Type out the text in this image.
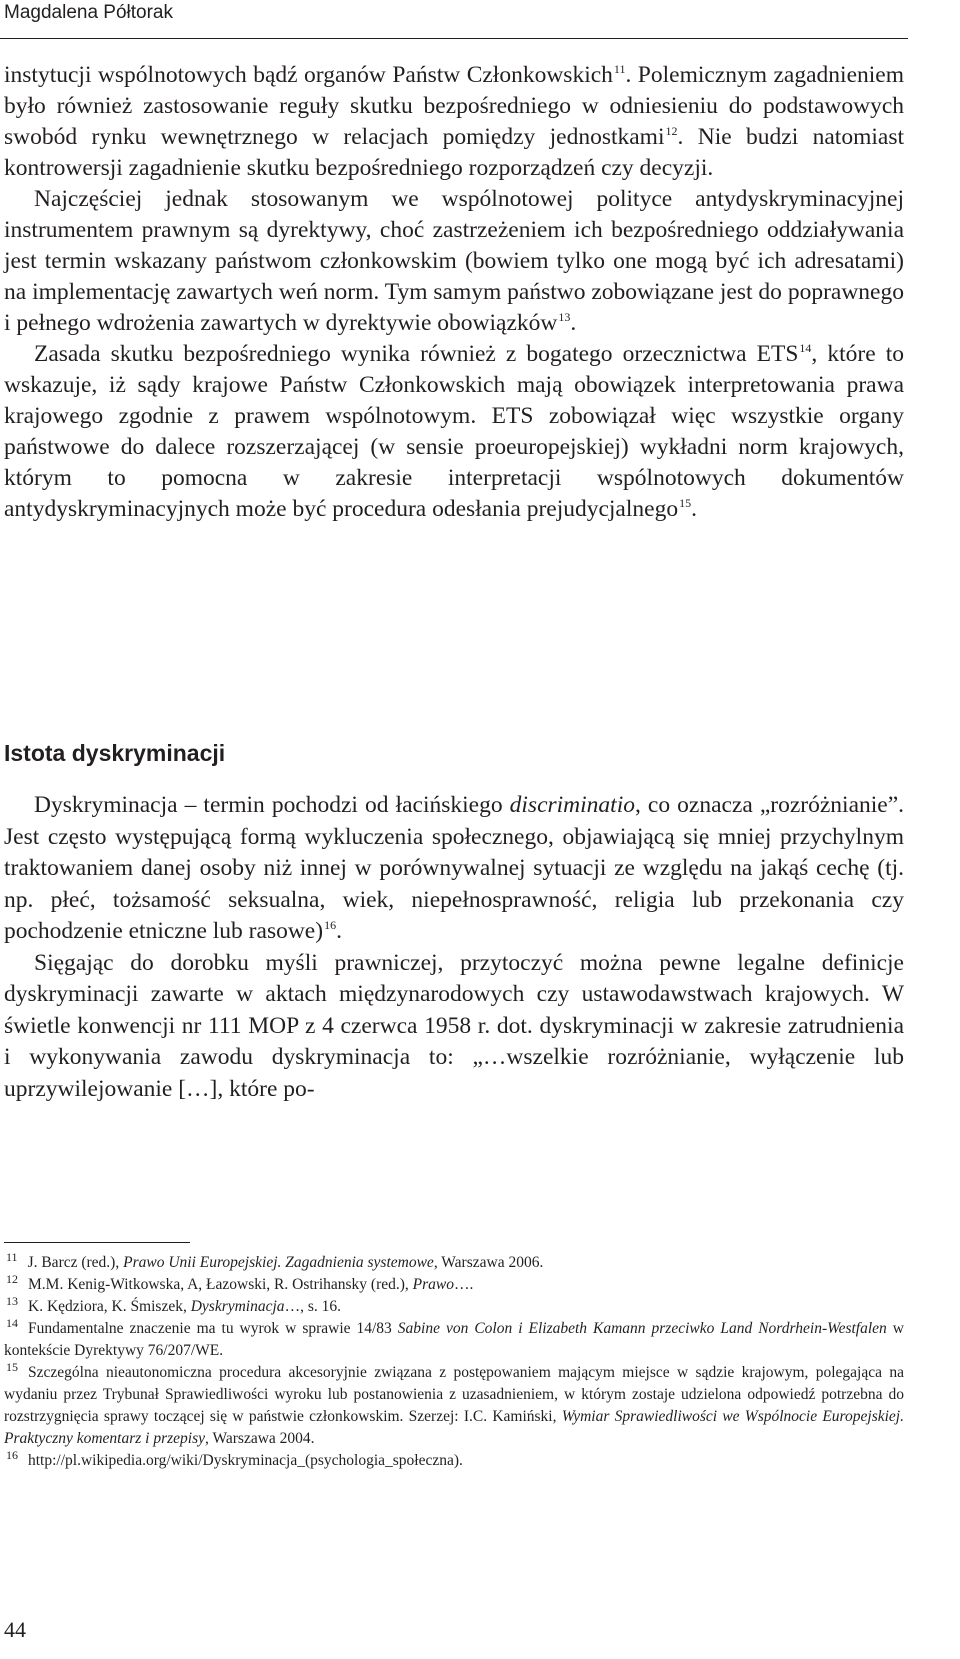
Magdalena Półtorak

instytucji wspólnotowych bądź organów Państw Członkowskich$^{11}$. Polemicznym zagadnieniem było również zastosowanie reguły skutku bezpośredniego w odniesieniu do podstawowych swobód rynku wewnętrznego w relacjach pomiędzy jednostkami$^{12}$. Nie budzi natomiast kontrowersji zagadnienie skutku bezpośredniego rozporządzeń czy decyzji.

Najczęściej jednak stosowanym we wspólnotowej polityce antydyskryminacyjnej instrumentem prawnym są dyrektywy, choć zastrzeżeniem ich bezpośredniego oddziaływania jest termin wskazany państwom członkowskim (bowiem tylko one mogą być ich adresatami) na implementację zawartych weń norm. Tym samym państwo zobowiązane jest do poprawnego i pełnego wdrożenia zawartych w dyrektywie obowiązków$^{13}$.

Zasada skutku bezpośredniego wynika również z bogatego orzecznictwa ETS$^{14}$, które to wskazuje, iż sądy krajowe Państw Członkowskich mają obowiązek interpretowania prawa krajowego zgodnie z prawem wspólnotowym. ETS zobowiązał więc wszystkie organy państwowe do dalece rozszerzającej (w sensie proeuropejskiej) wykładni norm krajowych, którym to pomocna w zakresie interpretacji wspólnotowych dokumentów antydyskryminacyjnych może być procedura odesłania prejudycjalnego$^{15}$.

Istota dyskryminacji

Dyskryminacja – termin pochodzi od łacińskiego discriminatio, co oznacza „rozróżnianie”. Jest często występującą formą wykluczenia społecznego, objawiającą się mniej przychylnym traktowaniem danej osoby niż innej w porównywalnej sytuacji ze względu na jakąś cechę (tj. np. płeć, tożsamość seksualna, wiek, niepełnosprawność, religia lub przekonania czy pochodzenie etniczne lub rasowe)$^{16}$.

Sięgając do dorobku myśli prawniczej, przytoczyć można pewne legalne definicje dyskryminacji zawarte w aktach międzynarodowych czy ustawodawstwach krajowych. W świetle konwencji nr 111 MOP z 4 czerwca 1958 r. dot. dyskryminacji w zakresie zatrudnienia i wykonywania zawodu dyskryminacja to: „…wszelkie rozróżnianie, wyłączenie lub uprzywilejowanie […], które po-

$^{11}$ J. Barcz (red.), Prawo Unii Europejskiej. Zagadnienia systemowe, Warszawa 2006.

$^{12}$ M.M. Kenig-Witkowska, A, Łazowski, R. Ostrihansky (red.), Prawo….

$^{13}$ K. Kędziora, K. Śmiszek, Dyskryminacja…, s. 16.

$^{14}$ Fundamentalne znaczenie ma tu wyrok w sprawie 14/83 Sabine von Colon i Elizabeth Kamann przeciwko Land Nordrhein-Westfalen w kontekście Dyrektywy 76/207/WE.

$^{15}$ Szczególna nieautonomiczna procedura akcesoryjnie związana z postępowaniem mającym miejsce w sądzie krajowym, polegająca na wydaniu przez Trybunał Sprawiedliwości wyroku lub postanowienia z uzasadnieniem, w którym zostaje udzielona odpowiedź potrzebna do rozstrzygnięcia sprawy toczącej się w państwie członkowskim. Szerzej: I.C. Kamiński, Wymiar Sprawiedliwości we Wspólnocie Europejskiej. Praktyczny komentarz i przepisy, Warszawa 2004.

$^{16}$ http://pl.wikipedia.org/wiki/Dyskryminacja_(psychologia_społeczna).

44
